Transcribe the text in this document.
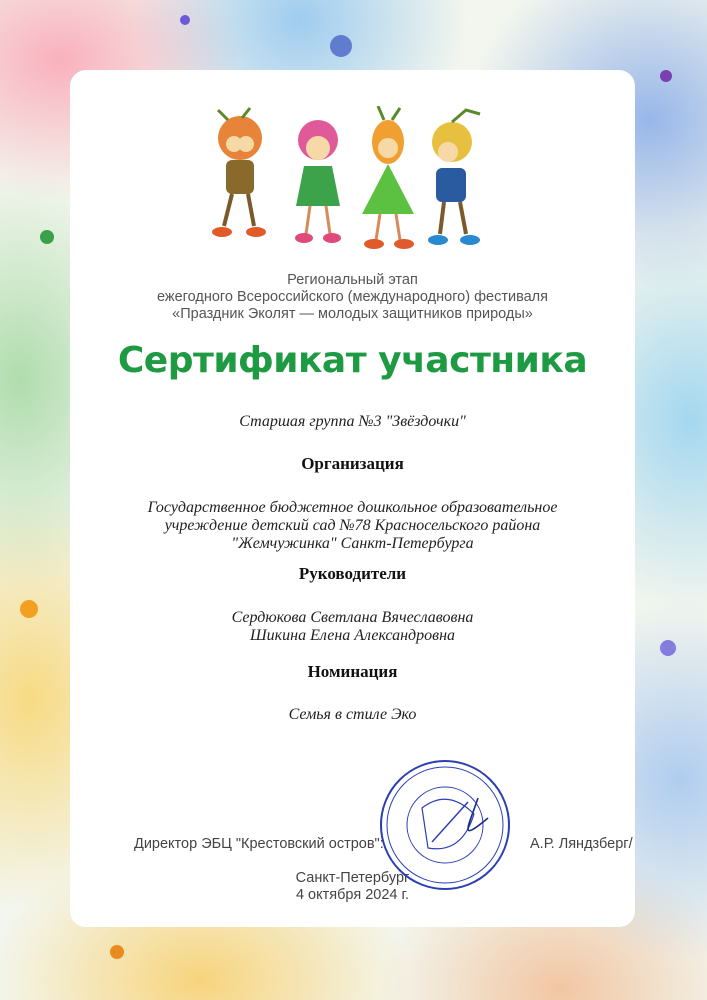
Региональный этап
ежегодного Всероссийского (международного) фестиваля
«Праздник Эколят — молодых защитников природы»
Сертификат участника
Старшая группа №3 "Звёздочки"
Организация
Государственное бюджетное дошкольное образовательное
учреждение детский сад №78 Красносельского района
"Жемчужинка" Санкт-Петербурга
Руководители
Сердюкова Светлана Вячеславовна
Шикина Елена Александровна
Номинация
Семья в стиле Эко
Директор ЭБЦ "Крестовский остров":	А.Р. Ляндзберг/
Санкт-Петербург
4 октября 2024 г.
